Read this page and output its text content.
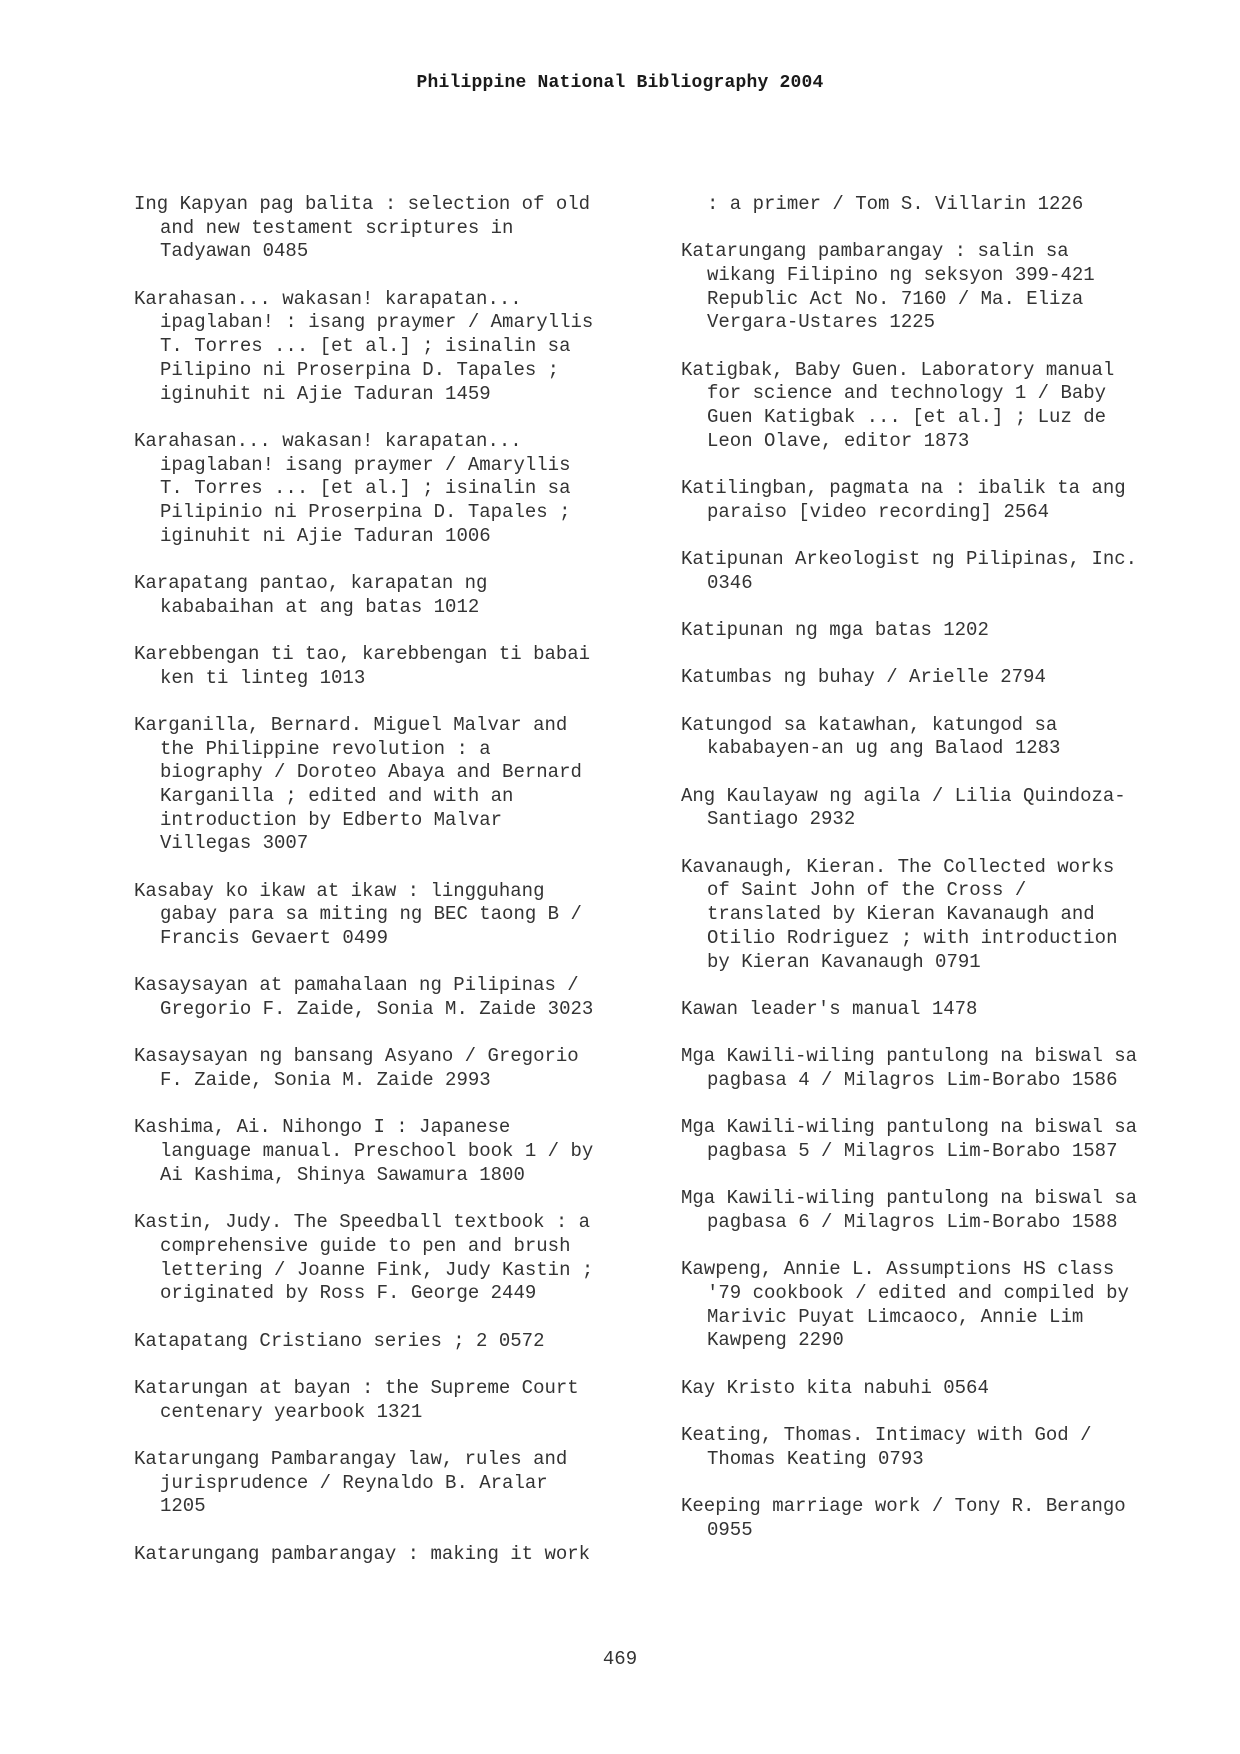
Philippine National Bibliography 2004

Ing Kapyan pag balita : selection of old
and new testament scriptures in
Tadyawan 0485

Karahasan... wakasan! karapatan...
ipaglaban! : isang praymer / Amaryllis
T. Torres ... [et al.] ; isinalin sa
Pilipino ni Proserpina D. Tapales ;
iginuhit ni Ajie Taduran 1459

Karahasan... wakasan! karapatan...
ipaglaban! isang praymer / Amaryllis
T. Torres ... [et al.] ; isinalin sa
Pilipinio ni Proserpina D. Tapales ;
iginuhit ni Ajie Taduran 1006

Karapatang pantao, karapatan ng
kababaihan at ang batas 1012

Karebbengan ti tao, karebbengan ti babai
ken ti linteg 1013

Karganilla, Bernard. Miguel Malvar and
the Philippine revolution : a
biography / Doroteo Abaya and Bernard
Karganilla ; edited and with an
introduction by Edberto Malvar
Villegas 3007

Kasabay ko ikaw at ikaw : lingguhang
gabay para sa miting ng BEC taong B /
Francis Gevaert 0499

Kasaysayan at pamahalaan ng Pilipinas /
Gregorio F. Zaide, Sonia M. Zaide 3023

Kasaysayan ng bansang Asyano / Gregorio
F. Zaide, Sonia M. Zaide 2993

Kashima, Ai. Nihongo I : Japanese
language manual. Preschool book 1 / by
Ai Kashima, Shinya Sawamura 1800

Kastin, Judy. The Speedball textbook : a
comprehensive guide to pen and brush
lettering / Joanne Fink, Judy Kastin ;
originated by Ross F. George 2449

Katapatang Cristiano series ; 2 0572

Katarungan at bayan : the Supreme Court
centenary yearbook 1321

Katarungang Pambarangay law, rules and
jurisprudence / Reynaldo B. Aralar
1205

Katarungang pambarangay : making it work

: a primer / Tom S. Villarin 1226

Katarungang pambarangay : salin sa
wikang Filipino ng seksyon 399-421
Republic Act No. 7160 / Ma. Eliza
Vergara-Ustares 1225

Katigbak, Baby Guen. Laboratory manual
for science and technology 1 / Baby
Guen Katigbak ... [et al.] ; Luz de
Leon Olave, editor 1873

Katilingban, pagmata na : ibalik ta ang
paraiso [video recording] 2564

Katipunan Arkeologist ng Pilipinas, Inc.
0346

Katipunan ng mga batas 1202

Katumbas ng buhay / Arielle 2794

Katungod sa katawhan, katungod sa
kababayen-an ug ang Balaod 1283

Ang Kaulayaw ng agila / Lilia Quindoza-
Santiago 2932

Kavanaugh, Kieran. The Collected works
of Saint John of the Cross /
translated by Kieran Kavanaugh and
Otilio Rodriguez ; with introduction
by Kieran Kavanaugh 0791

Kawan leader's manual 1478

Mga Kawili-wiling pantulong na biswal sa
pagbasa 4 / Milagros Lim-Borabo 1586

Mga Kawili-wiling pantulong na biswal sa
pagbasa 5 / Milagros Lim-Borabo 1587

Mga Kawili-wiling pantulong na biswal sa
pagbasa 6 / Milagros Lim-Borabo 1588

Kawpeng, Annie L. Assumptions HS class
'79 cookbook / edited and compiled by
Marivic Puyat Limcaoco, Annie Lim
Kawpeng 2290

Kay Kristo kita nabuhi 0564

Keating, Thomas. Intimacy with God /
Thomas Keating 0793

Keeping marriage work / Tony R. Berango
0955

469
